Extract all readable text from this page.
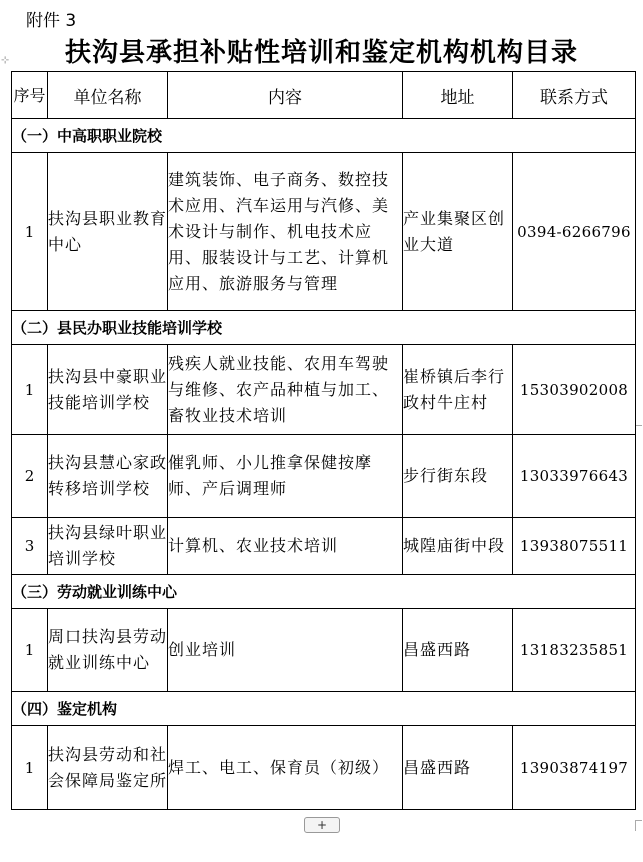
附件 3
扶沟县承担补贴性培训和鉴定机构机构目录
⊹
序号	单位名称	内容	地址	联系方式
（一）中高职职业院校				
1	扶沟县职业教育中心	建筑装饰、电子商务、数控技术应用、汽车运用与汽修、美术设计与制作、机电技术应用、服装设计与工艺、计算机应用、旅游服务与管理	产业集聚区创业大道	0394-6266796
（二）县民办职业技能培训学校				
1	扶沟县中豪职业技能培训学校	残疾人就业技能、农用车驾驶与维修、农产品种植与加工、畜牧业技术培训	崔桥镇后李行政村牛庄村	15303902008
2	扶沟县慧心家政转移培训学校	催乳师、小儿推拿保健按摩师、产后调理师	步行街东段	13033976643
3	扶沟县绿叶职业培训学校	计算机、农业技术培训	城隍庙街中段	13938075511
（三）劳动就业训练中心				
1	周口扶沟县劳动就业训练中心	创业培训	昌盛西路	13183235851
（四）鉴定机构				
1	扶沟县劳动和社会保障局鉴定所	焊工、电工、保育员（初级）	昌盛西路	13903874197
+
